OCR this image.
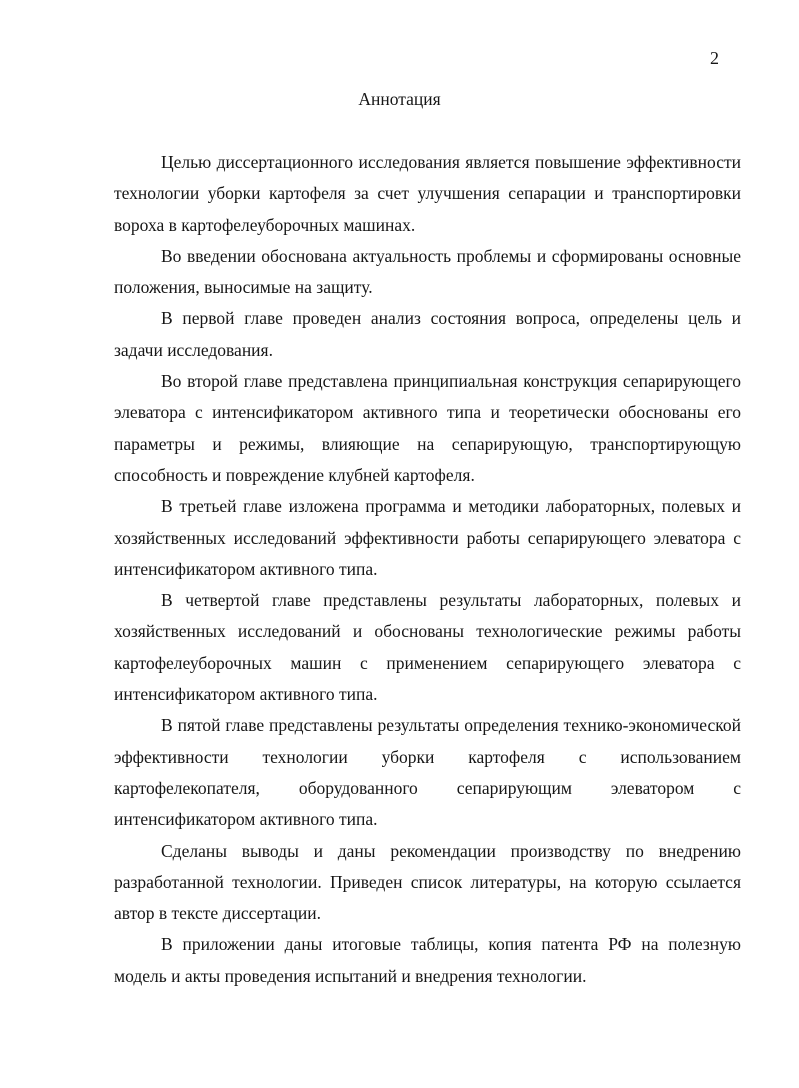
2
Аннотация

Целью диссертационного исследования является повышение эффективности технологии уборки картофеля за счет улучшения сепарации и транспортировки вороха в картофелеуборочных машинах.

Во введении обоснована актуальность проблемы и сформированы основные положения, выносимые на защиту.

В первой главе проведен анализ состояния вопроса, определены цель и задачи исследования.

Во второй главе представлена принципиальная конструкция сепарирующего элеватора с интенсификатором активного типа и теоретически обоснованы его параметры и режимы, влияющие на сепарирующую, транспортирующую способность и повреждение клубней картофеля.

В третьей главе изложена программа и методики лабораторных, полевых и хозяйственных исследований эффективности работы сепарирующего элеватора с интенсификатором активного типа.

В четвертой главе представлены результаты лабораторных, полевых и хозяйственных исследований и обоснованы технологические режимы работы картофелеуборочных машин с применением сепарирующего элеватора с интенсификатором активного типа.

В пятой главе представлены результаты определения технико-экономической эффективности технологии уборки картофеля с использованием картофелекопателя, оборудованного сепарирующим элеватором с интенсификатором активного типа.

Сделаны выводы и даны рекомендации производству по внедрению разработанной технологии. Приведен список литературы, на которую ссылается автор в тексте диссертации.

В приложении даны итоговые таблицы, копия патента РФ на полезную модель и акты проведения испытаний и внедрения технологии.
